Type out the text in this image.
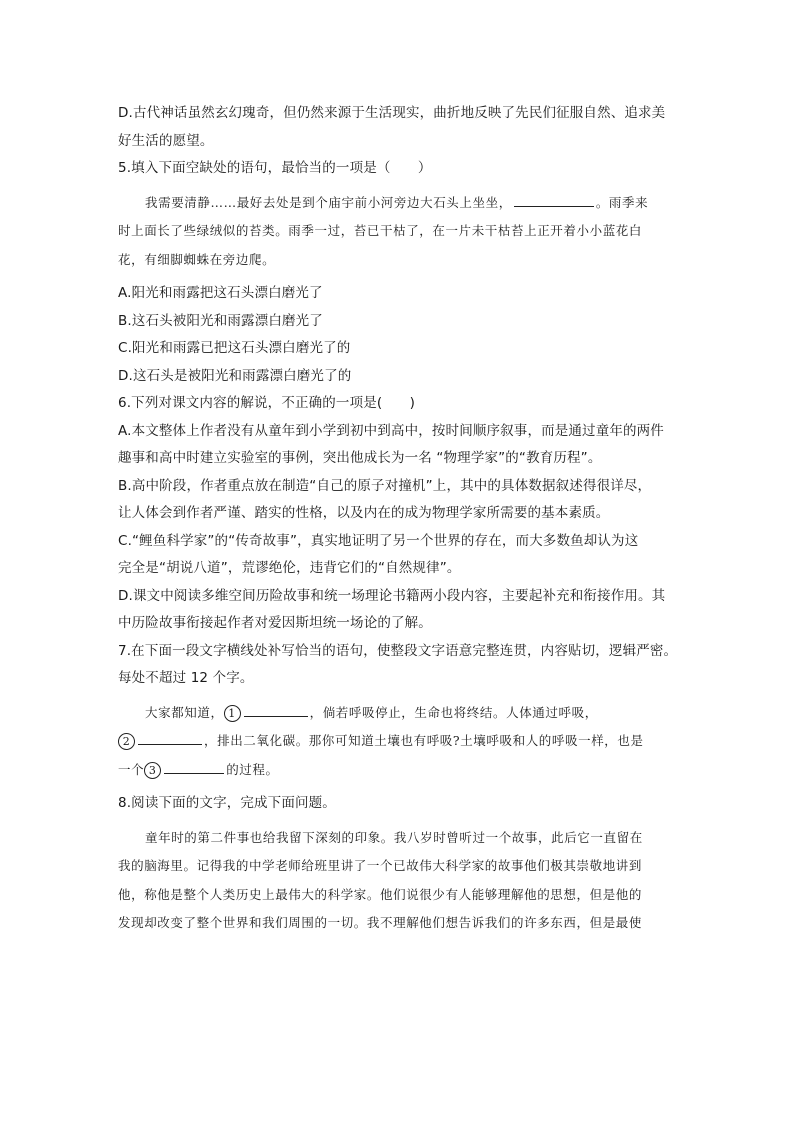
D.古代神话虽然玄幻瑰奇，但仍然来源于生活现实，曲折地反映了先民们征服自然、追求美
好生活的愿望。
5.填入下面空缺处的语句，最恰当的一项是（　　）
我需要清静……最好去处是到个庙宇前小河旁边大石头上坐坐，	。雨季来
时上面长了些绿绒似的苔类。雨季一过，苔已干枯了，在一片未干枯苔上正开着小小蓝花白
花，有细脚蜘蛛在旁边爬。
A.阳光和雨露把这石头漂白磨光了
B.这石头被阳光和雨露漂白磨光了
C.阳光和雨露已把这石头漂白磨光了的
D.这石头是被阳光和雨露漂白磨光了的
6.下列对课文内容的解说，不正确的一项是(　　)
A.本文整体上作者没有从童年到小学到初中到高中，按时间顺序叙事，而是通过童年的两件
趣事和高中时建立实验室的事例，突出他成长为一名 “物理学家”的“教育历程”。
B.高中阶段，作者重点放在制造“自己的原子对撞机”上，其中的具体数据叙述得很详尽，
让人体会到作者严谨、踏实的性格，以及内在的成为物理学家所需要的基本素质。
C.“鲤鱼科学家”的“传奇故事”，真实地证明了另一个世界的存在，而大多数鱼却认为这
完全是“胡说八道”，荒谬绝伦，违背它们的“自然规律”。
D.课文中阅读多维空间历险故事和统一场理论书籍两小段内容，主要起补充和衔接作用。其
中历险故事衔接起作者对爱因斯坦统一场论的了解。
7.在下面一段文字横线处补写恰当的语句，使整段文字语意完整连贯，内容贴切，逻辑严密。
每处不超过 12 个字。
大家都知道， 1	，倘若呼吸停止，生命也将终结。人体通过呼吸，
2	，排出二氧化碳。那你可知道土壤也有呼吸?土壤呼吸和人的呼吸一样，也是
一个 3	的过程。
8.阅读下面的文字，完成下面问题。
童年时的第二件事也给我留下深刻的印象。我八岁时曾听过一个故事，此后它一直留在
我的脑海里。记得我的中学老师给班里讲了一个已故伟大科学家的故事他们极其崇敬地讲到
他，称他是整个人类历史上最伟大的科学家。他们说很少有人能够理解他的思想，但是他的
发现却改变了整个世界和我们周围的一切。我不理解他们想告诉我们的许多东西，但是最使
